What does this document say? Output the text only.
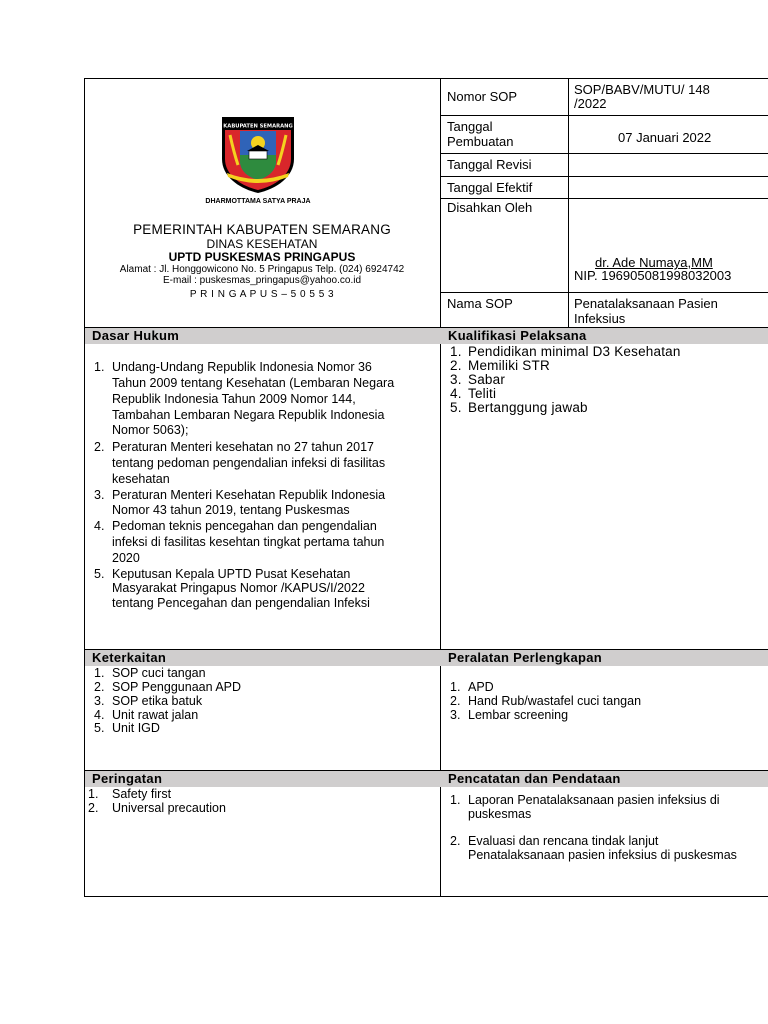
KABUPATEN SEMARANG
DHARMOTTAMA SATYA PRAJA
PEMERINTAH KABUPATEN SEMARANG
DINAS KESEHATAN
UPTD PUSKESMAS PRINGAPUS
Alamat : Jl. Honggowicono No. 5 Pringapus Telp. (024) 6924742
E-mail : puskesmas_pringapus@yahoo.co.id
P R I N G A P U S – 5 0 5 5 3
Nomor SOP	SOP/BABV/MUTU/ 148
/2022
Tanggal
Pembuatan	07 Januari 2022
Tanggal Revisi
Tanggal Efektif
Disahkan Oleh
dr. Ade Numaya,MM
NIP. 196905081998032003
Nama SOP	Penatalaksanaan Pasien
Infeksius
Dasar Hukum
1. Undang-Undang Republik Indonesia Nomor 36
Tahun 2009 tentang Kesehatan (Lembaran Negara
Republik Indonesia Tahun 2009 Nomor 144,
Tambahan Lembaran Negara Republik Indonesia
Nomor 5063);
2. Peraturan Menteri kesehatan no 27 tahun 2017
tentang pedoman pengendalian infeksi di fasilitas
kesehatan
3. Peraturan Menteri Kesehatan Republik Indonesia
Nomor 43 tahun 2019, tentang Puskesmas
4. Pedoman teknis pencegahan dan pengendalian
infeksi di fasilitas kesehtan tingkat pertama tahun
2020
5. Keputusan Kepala UPTD Pusat Kesehatan
Masyarakat Pringapus Nomor /KAPUS/I/2022
tentang Pencegahan dan pengendalian Infeksi
Kualifikasi Pelaksana
1. Pendidikan minimal D3 Kesehatan
2. Memiliki STR
3. Sabar
4. Teliti
5. Bertanggung jawab
Keterkaitan
1. SOP cuci tangan
2. SOP Penggunaan APD
3. SOP etika batuk
4. Unit rawat jalan
5. Unit IGD
Peralatan Perlengkapan
1. APD
2. Hand Rub/wastafel cuci tangan
3. Lembar screening
Peringatan
1. Safety first
2. Universal precaution
Pencatatan dan Pendataan
1. Laporan Penatalaksanaan pasien infeksius di
puskesmas
2. Evaluasi dan rencana tindak lanjut
Penatalaksanaan pasien infeksius di puskesmas
